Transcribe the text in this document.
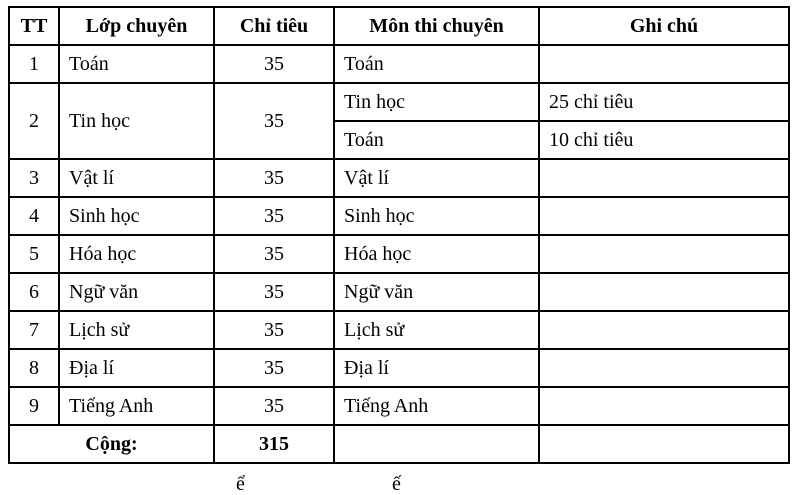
TT	Lớp chuyên	Chỉ tiêu	Môn thi chuyên	Ghi chú
1	Toán	35	Toán	
2	Tin học	35	Tin học	25 chỉ tiêu
			Toán	10 chỉ tiêu
3	Vật lí	35	Vật lí	
4	Sinh học	35	Sinh học	
5	Hóa học	35	Hóa học	
6	Ngữ văn	35	Ngữ văn	
7	Lịch sử	35	Lịch sử	
8	Địa lí	35	Địa lí	
9	Tiếng Anh	35	Tiếng Anh	
Cộng:		315		
ể	ế
